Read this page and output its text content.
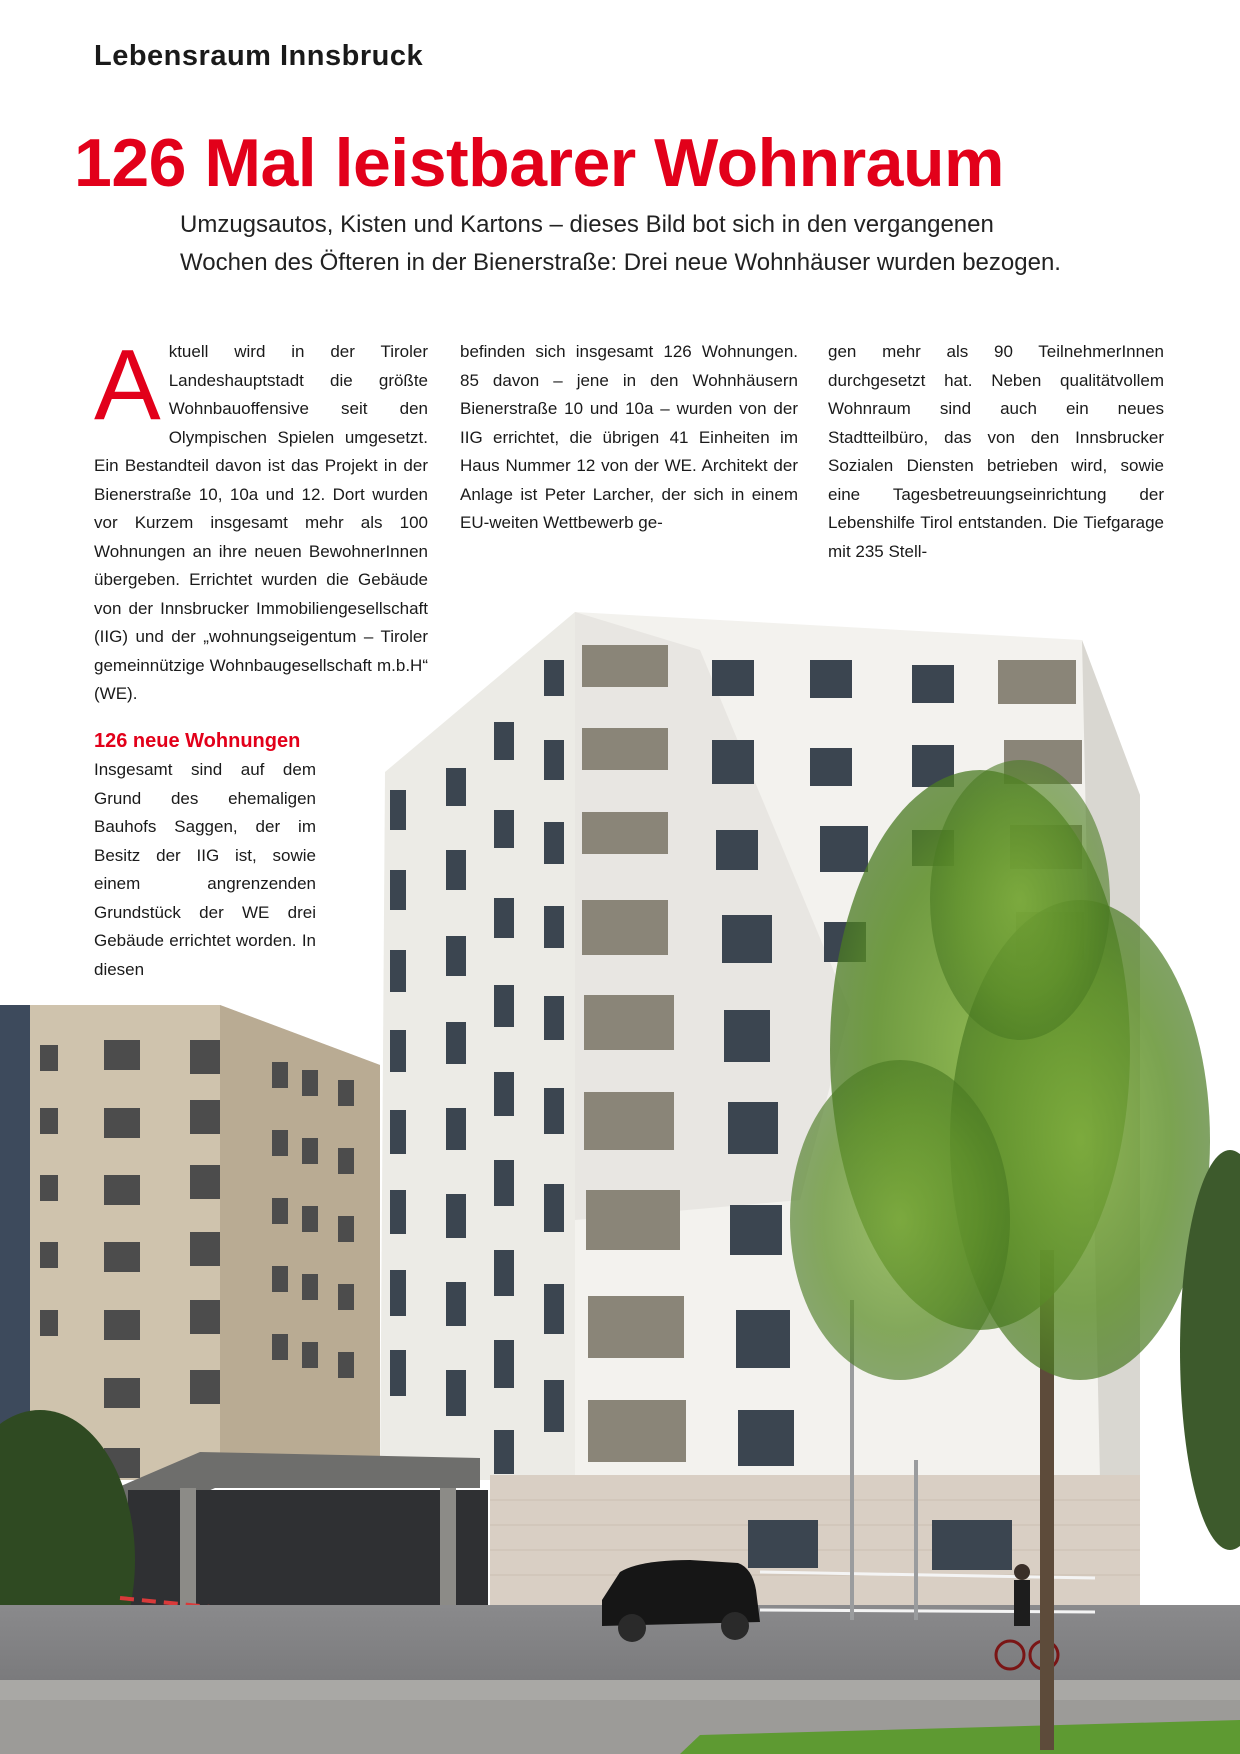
Lebensraum Innsbruck
126 Mal leistbarer Wohnraum

Umzugsautos, Kisten und Kartons – dieses Bild bot sich in den vergangenen

Wochen des Öfteren in der Bienerstraße: Drei neue Wohnhäuser wurden bezogen.

Aktuell wird in der Tiroler Landeshauptstadt die größte Wohnbauoffensive seit den Olympischen Spielen umgesetzt. Ein Bestandteil davon ist das Projekt in der Bienerstraße 10, 10a und 12. Dort wurden vor Kurzem insgesamt mehr als 100 Wohnungen an ihre neuen BewohnerInnen übergeben. Errichtet wurden die Gebäude von der Innsbrucker Immobiliengesellschaft (IIG) und der „wohnungseigentum – Tiroler gemeinnützige Wohnbaugesellschaft m.b.H“ (WE).

126 neue Wohnungen

Insgesamt sind auf dem Grund des ehemaligen Bauhofs Saggen, der im Besitz der IIG ist, sowie einem angrenzenden Grundstück der WE drei Gebäude errichtet worden. In diesen

befinden sich insgesamt 126 Wohnungen. 85 davon – jene in den Wohnhäusern Bienerstraße 10 und 10a – wurden von der IIG errichtet, die übrigen 41 Einheiten im Haus Nummer 12 von der WE. Architekt der Anlage ist Peter Larcher, der sich in einem EU-weiten Wettbewerb ge-

gen mehr als 90 TeilnehmerInnen durchgesetzt hat. Neben qualitätvollem Wohnraum sind auch ein neues Stadtteilbüro, das von den Innsbrucker Sozialen Diensten betrieben wird, sowie eine Tagesbetreuungseinrichtung der Lebenshilfe Tirol entstanden. Die Tiefgarage mit 235 Stell-
